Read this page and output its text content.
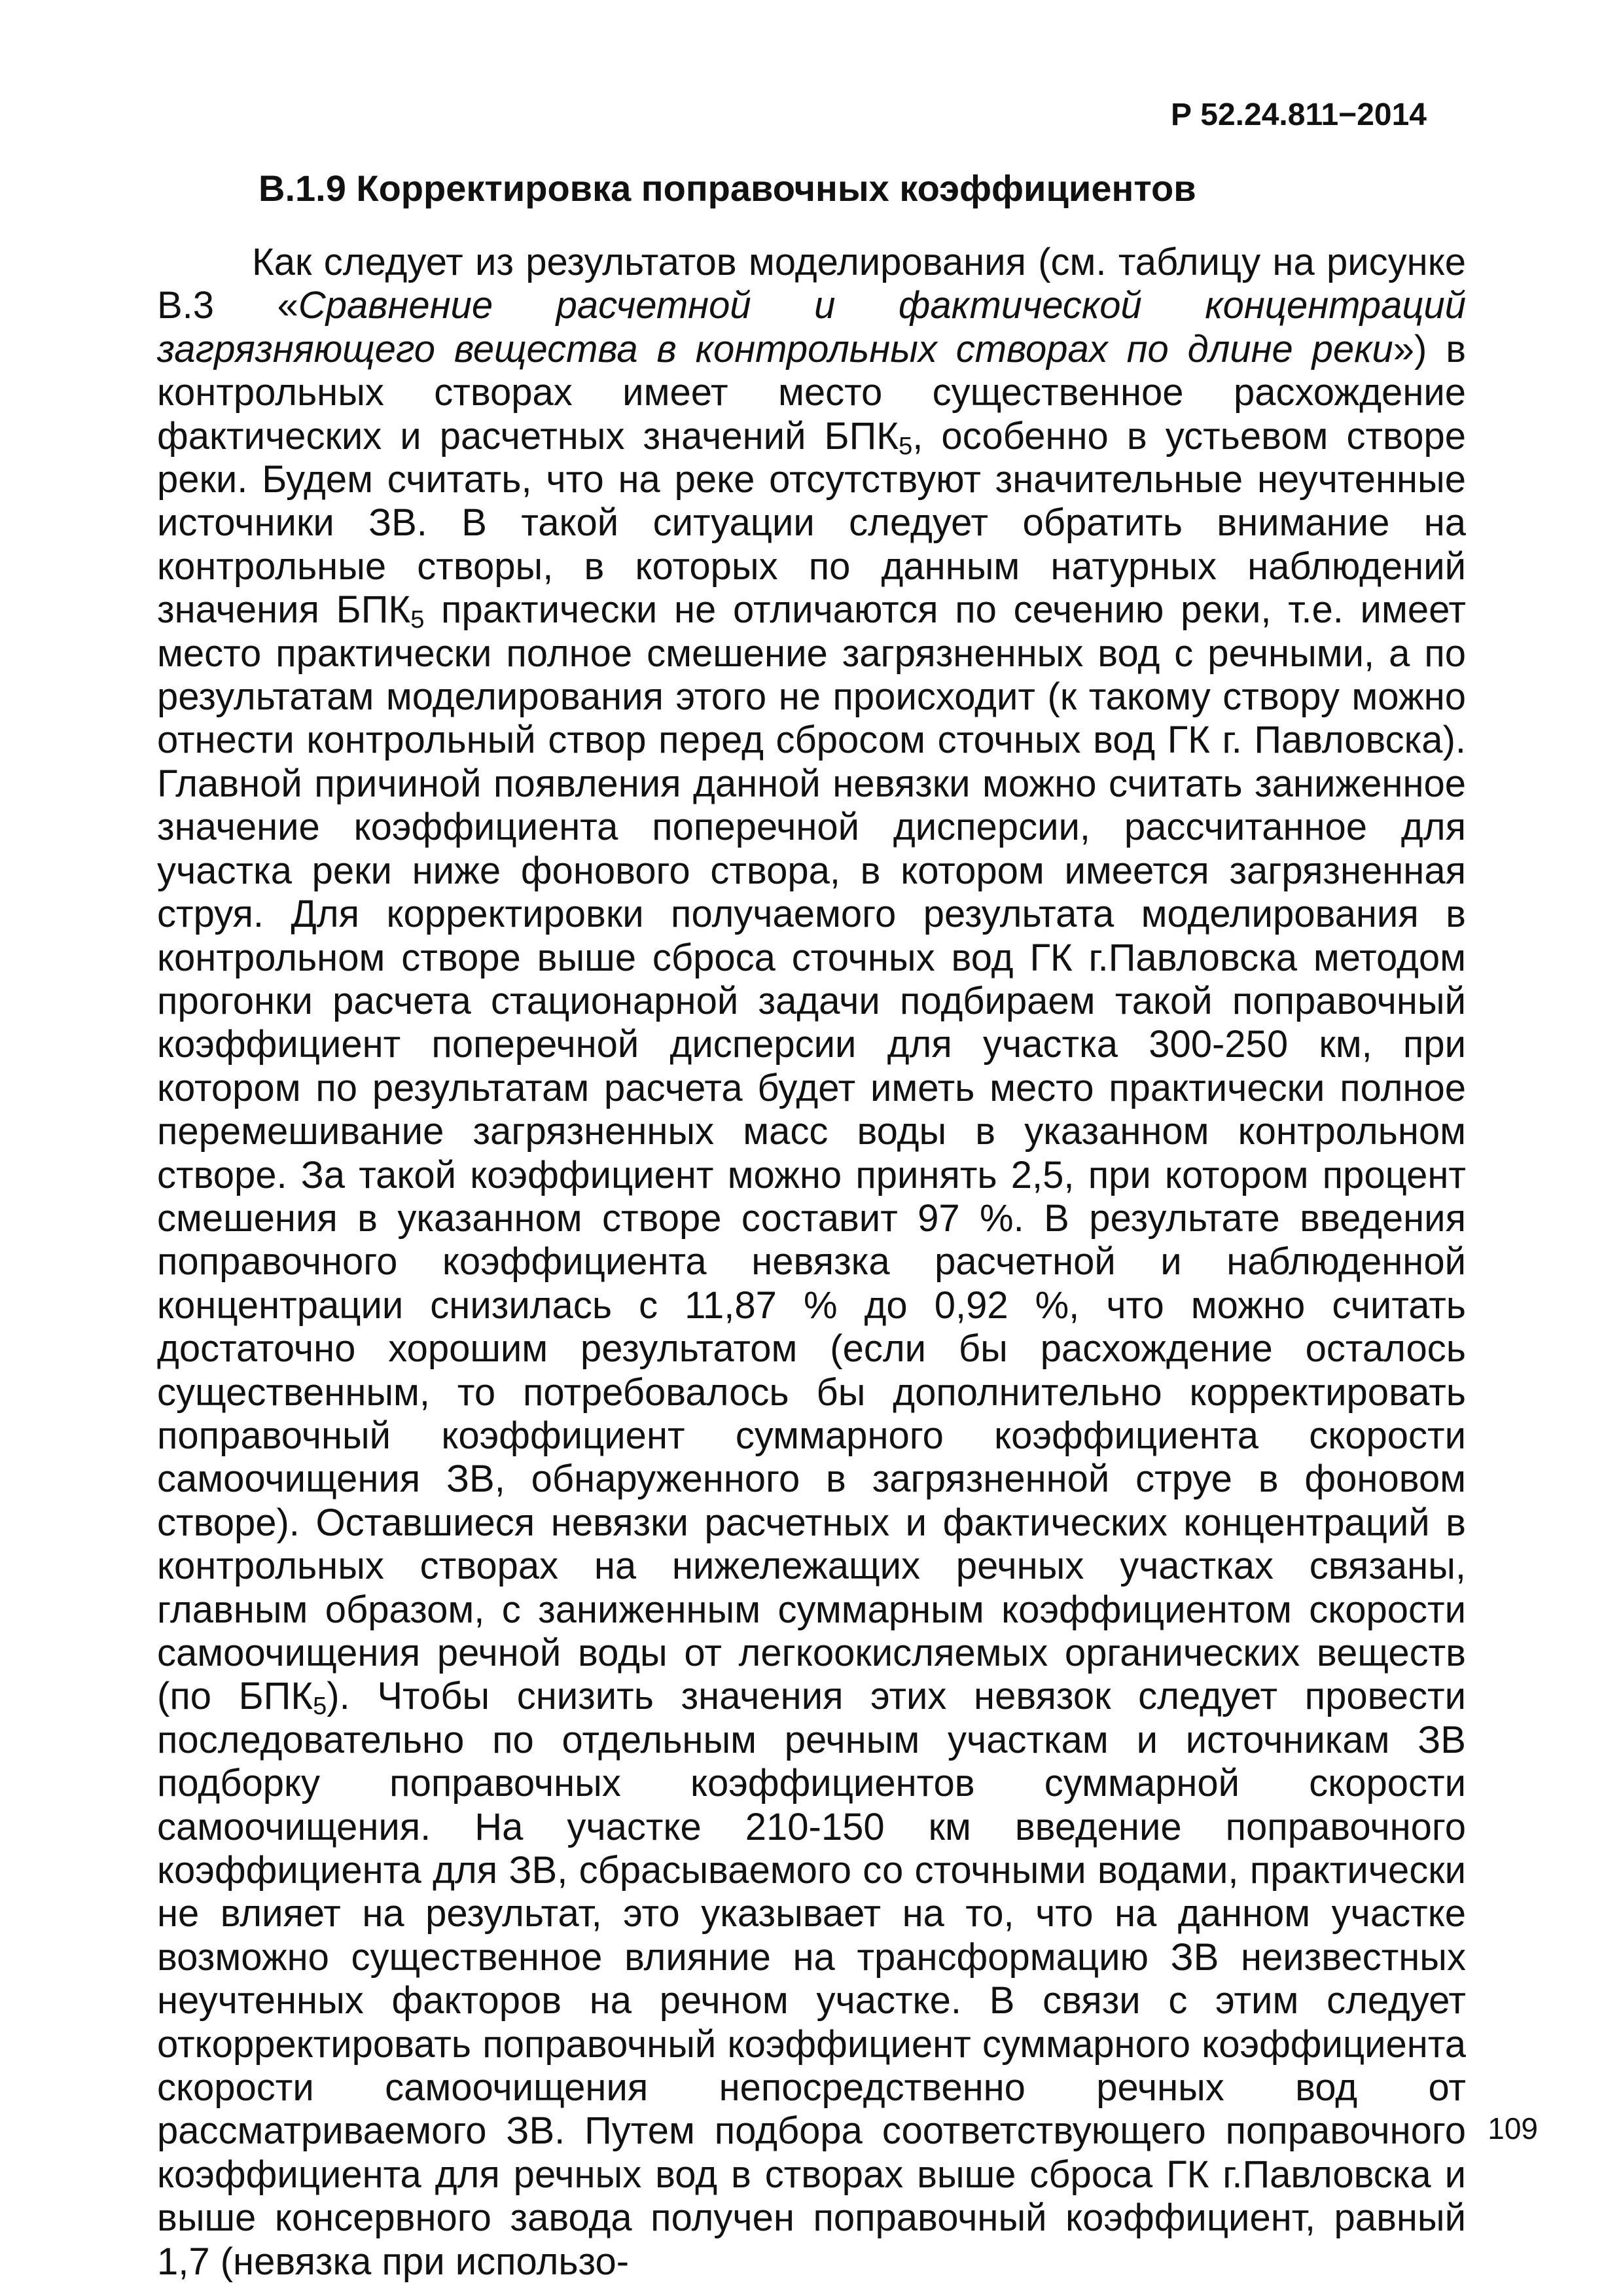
Р 52.24.811−2014
В.1.9 Корректировка поправочных коэффициентов

Как следует из результатов моделирования (см. таблицу на рисунке В.3 «Сравнение расчетной и фактической концентраций загрязняющего вещества в контрольных створах по длине реки») в контрольных створах имеет место существенное расхождение фактических и расчетных значений $БПК_5$, особенно в устьевом створе реки. Будем считать, что на реке отсутствуют значительные неучтенные источники ЗВ. В такой ситуации следует обратить внимание на контрольные створы, в которых по данным натурных наблюдений значения $БПК_5$ практически не отличаются по сечению реки, т.е. имеет место практически полное смешение загрязненных вод с речными, а по результатам моделирования этого не происходит (к такому створу можно отнести контрольный створ перед сбросом сточных вод ГК г. Павловска). Главной причиной появления данной невязки можно считать заниженное значение коэффициента поперечной дисперсии, рассчитанное для участка реки ниже фонового створа, в котором имеется загрязненная струя. Для корректировки получаемого результата моделирования в контрольном створе выше сброса сточных вод ГК г.Павловска методом прогонки расчета стационарной задачи подбираем такой поправочный коэффициент поперечной дисперсии для участка 300-250 км, при котором по результатам расчета будет иметь место практически полное перемешивание загрязненных масс воды в указанном контрольном створе. За такой коэффициент можно принять 2,5, при котором процент смешения в указанном створе составит 97 %. В результате введения поправочного коэффициента невязка расчетной и наблюденной концентрации снизилась с 11,87 % до 0,92 %, что можно считать достаточно хорошим результатом (если бы расхождение осталось существенным, то потребовалось бы дополнительно корректировать поправочный коэффициент суммарного коэффициента скорости самоочищения ЗВ, обнаруженного в загрязненной струе в фоновом створе). Оставшиеся невязки расчетных и фактических концентраций в контрольных створах на нижележащих речных участках связаны, главным образом, с заниженным суммарным коэффициентом скорости самоочищения речной воды от легкоокисляемых органических веществ (по $БПК_5$). Чтобы снизить значения этих невязок следует провести последовательно по отдельным речным участкам и источникам ЗВ подборку поправочных коэффициентов суммарной скорости самоочищения. На участке 210-150 км введение поправочного коэффициента для ЗВ, сбрасываемого со сточными водами, практически не влияет на результат, это указывает на то, что на данном участке возможно существенное влияние на трансформацию ЗВ неизвестных неучтенных факторов на речном участке. В связи с этим следует откорректировать поправочный коэффициент суммарного коэффициента скорости самоочищения непосредственно речных вод от рассматриваемого ЗВ. Путем подбора соответствующего поправочного коэффициента для речных вод в створах выше сброса ГК г.Павловска и выше консервного завода получен поправочный коэффициент, равный 1,7 (невязка при использо-

109
